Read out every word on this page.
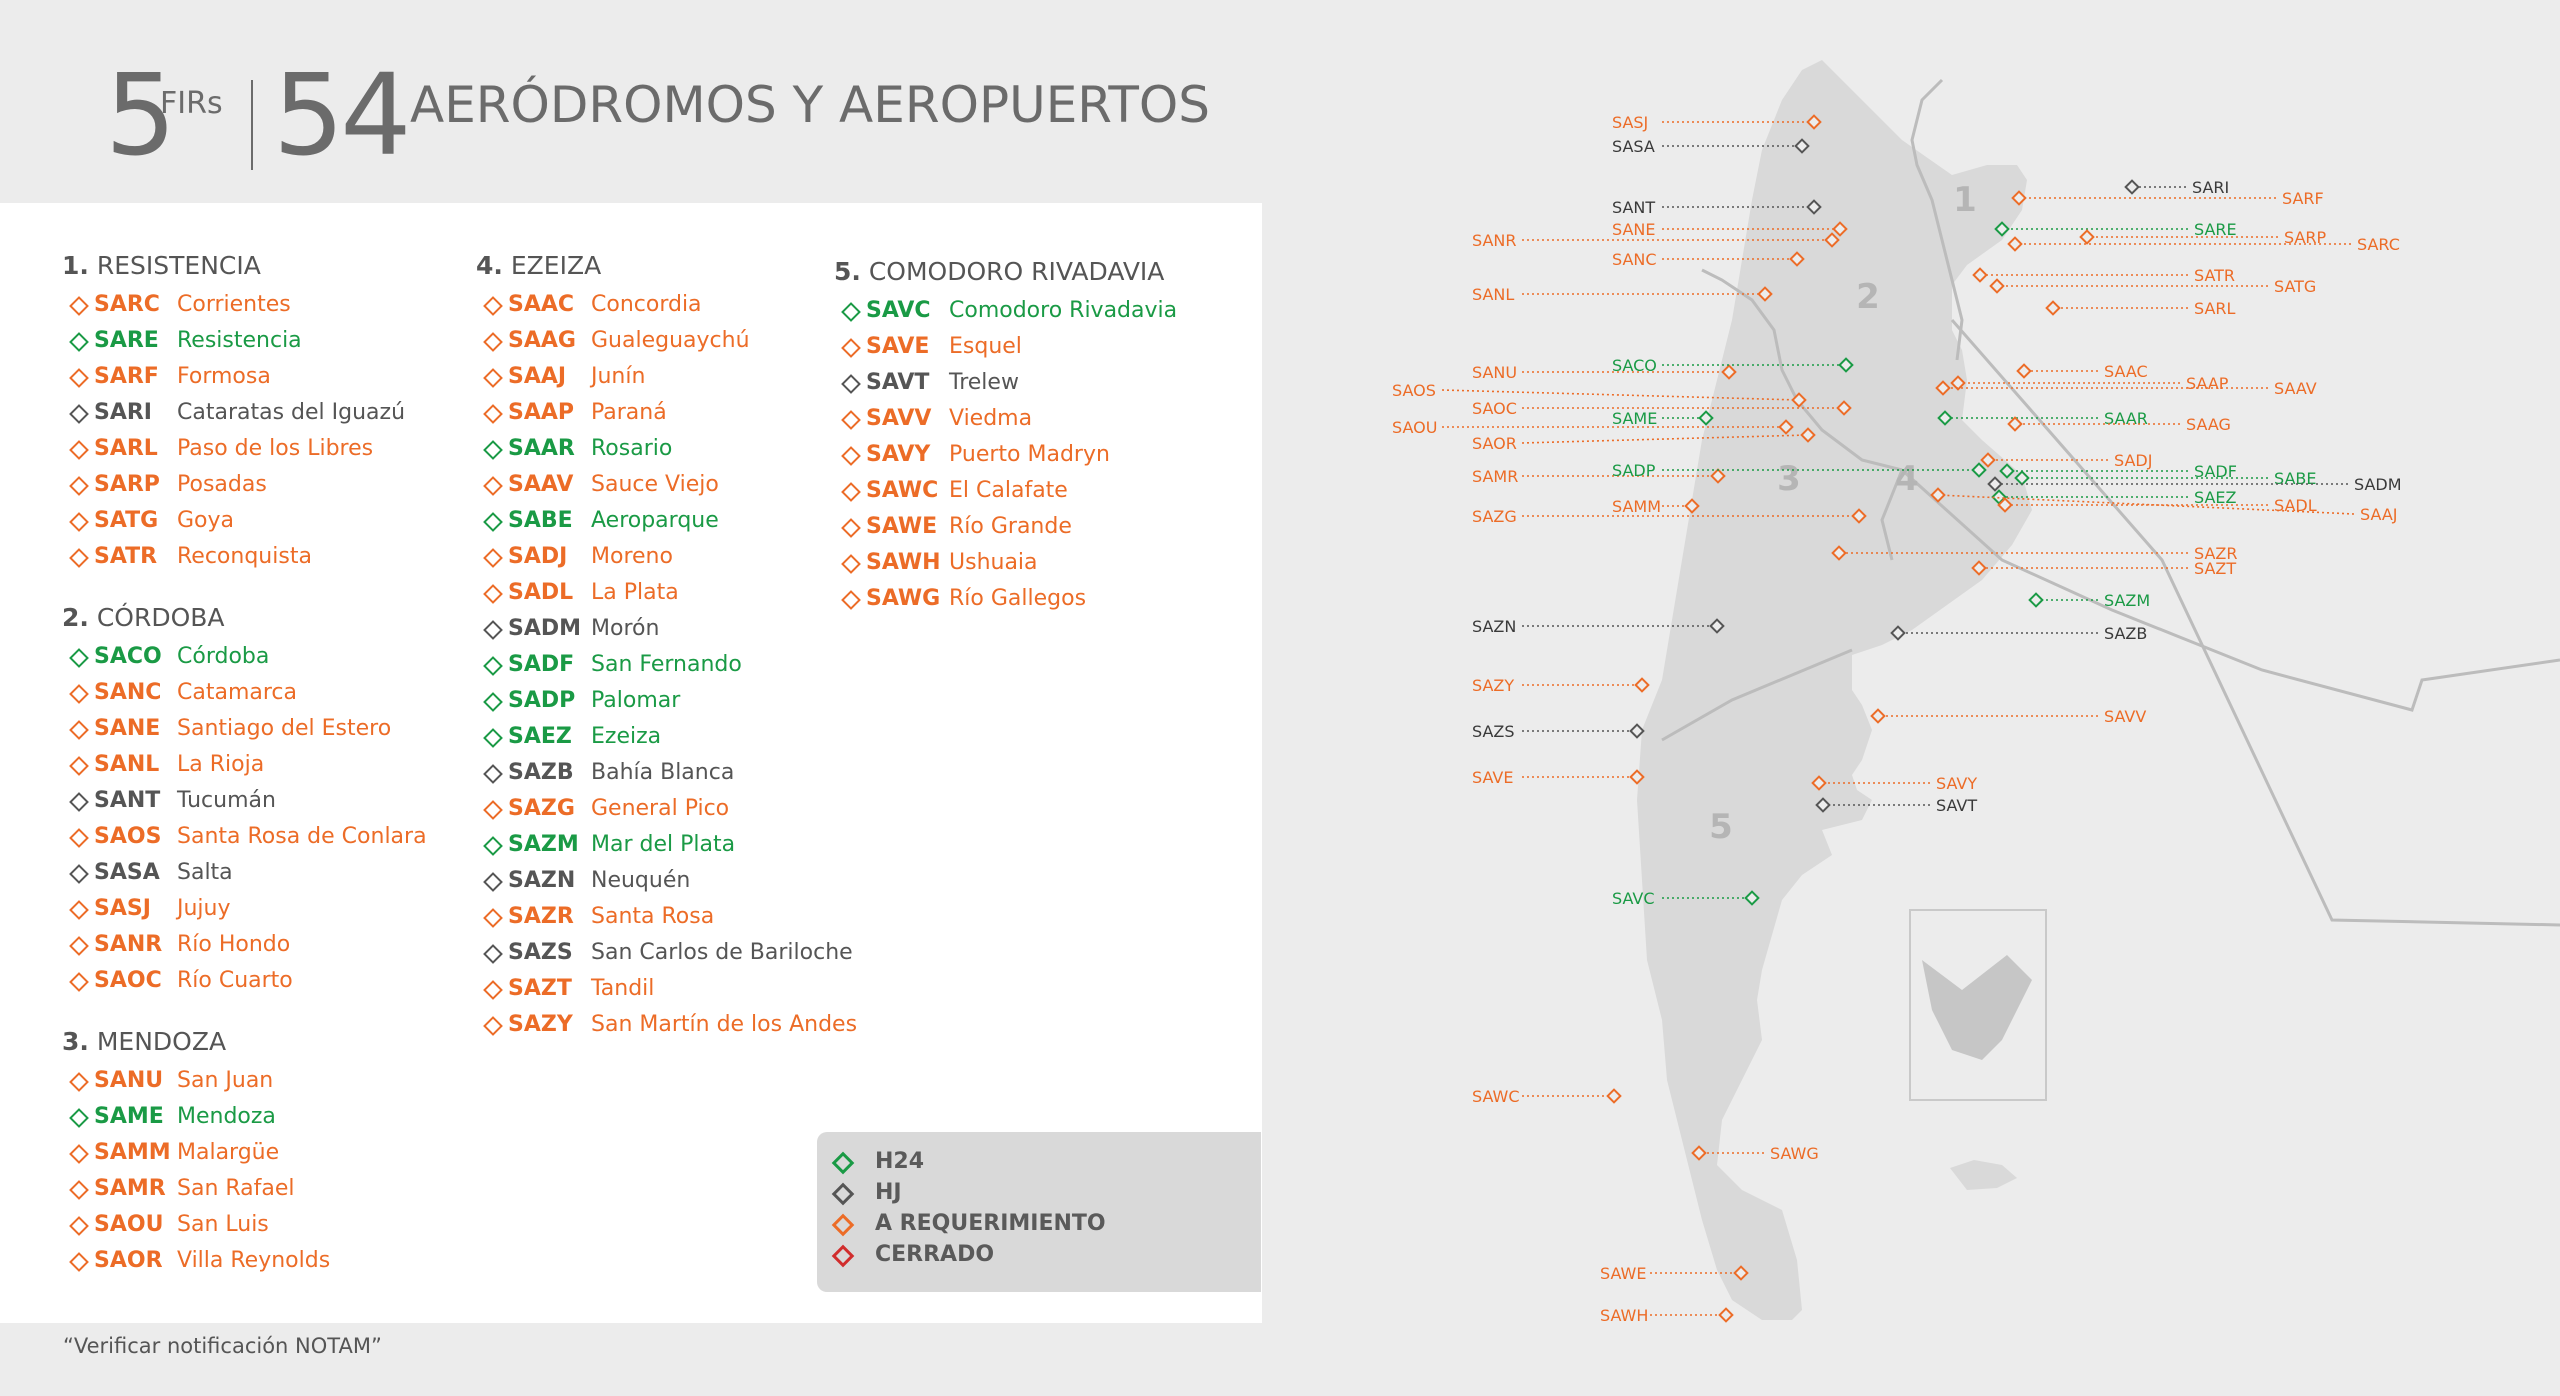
5
FIRs 54 AERÓDROMOS Y AEROPUERTOS
1. RESISTENCIA
SARC Corrientes
SARE Resistencia
SARF Formosa
SARI Cataratas del Iguazú
SARL Paso de los Libres
SARP Posadas
SATG Goya
SATR Reconquista
2. CÓRDOBA
SACO Córdoba
SANC Catamarca
SANE Santiago del Estero
SANL La Rioja
SANT Tucumán
SAOS Santa Rosa de Conlara
SASA Salta
SASJ Jujuy
SANR Río Hondo
SAOC Río Cuarto
3. MENDOZA
SANU San Juan
SAME Mendoza
SAMM Malargüe
SAMR San Rafael
SAOU San Luis
SAOR Villa Reynolds
4. EZEIZA
SAAC Concordia
SAAG Gualeguaychú
SAAJ Junín
SAAP Paraná
SAAR Rosario
SAAV Sauce Viejo
SABE Aeroparque
SADJ Moreno
SADL La Plata
SADM Morón
SADF San Fernando
SADP Palomar
SAEZ Ezeiza
SAZB Bahía Blanca
SAZG General Pico
SAZM Mar del Plata
SAZN Neuquén
SAZR Santa Rosa
SAZS San Carlos de Bariloche
SAZT Tandil
SAZY San Martín de los Andes
5. COMODORO RIVADAVIA
SAVC Comodoro Rivadavia
SAVE Esquel
SAVT Trelew
SAVV Viedma
SAVY Puerto Madryn
SAWC El Calafate
SAWE Río Grande
SAWH Ushuaia
SAWG Río Gallegos
H24
HJ
A REQUERIMIENTO
CERRADO
“Verificar notificación NOTAM”
1
2
3	4
5
SASJ
SASA
SANT
SANE
SANR
SANC
SANL
SANU	SACO
SAOS
SAOC
SAME
SAOU
SAOR
SAMR	SADP
SAMM
SAZG
SAZN
SAZY
SAZS
SAVE
SAVC
SAWC
SAWE
SAWH
SARI
SARF
SARE	SARP SARC
SATR
SATG
SARL
SAAC
SAAP	SAAV
SAAR SAAG
SADJ
SADF SABE SADM
SAEZ SADL	SAAJ
SAZR
SAZT
SAZM
SAZB
SAVV
SAVY
SAVT
SAWG
